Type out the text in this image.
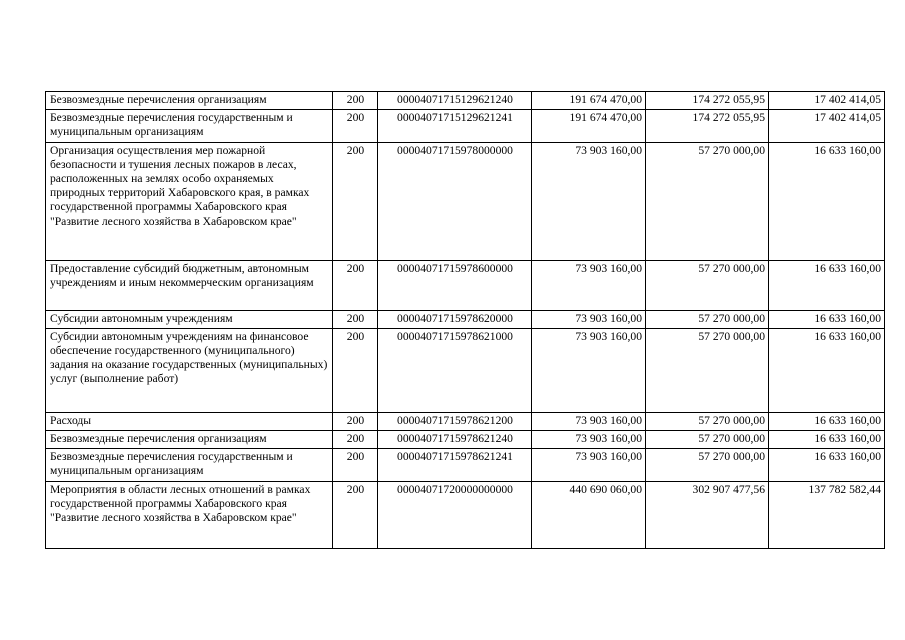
Безвозмездные перечисления организациям	200	00004071715129621240	191 674 470,00	174 272 055,95	17 402 414,05
Безвозмездные перечисления государственным и муниципальным организациям	200	00004071715129621241	191 674 470,00	174 272 055,95	17 402 414,05
Организация осуществления мер пожарной безопасности и тушения лесных пожаров в лесах, расположенных на землях особо охраняемых природных территорий Хабаровского края, в рамках государственной программы Хабаровского края "Развитие лесного хозяйства в Хабаровском крае"	200	00004071715978000000	73 903 160,00	57 270 000,00	16 633 160,00
Предоставление субсидий бюджетным, автономным учреждениям и иным некоммерческим организациям	200	00004071715978600000	73 903 160,00	57 270 000,00	16 633 160,00
Субсидии автономным учреждениям	200	00004071715978620000	73 903 160,00	57 270 000,00	16 633 160,00
Субсидии автономным учреждениям на финансовое обеспечение государственного (муниципального) задания на оказание государственных (муниципальных) услуг (выполнение работ)	200	00004071715978621000	73 903 160,00	57 270 000,00	16 633 160,00
Расходы	200	00004071715978621200	73 903 160,00	57 270 000,00	16 633 160,00
Безвозмездные перечисления организациям	200	00004071715978621240	73 903 160,00	57 270 000,00	16 633 160,00
Безвозмездные перечисления государственным и муниципальным организациям	200	00004071715978621241	73 903 160,00	57 270 000,00	16 633 160,00
Мероприятия в области лесных отношений в рамках государственной программы Хабаровского края "Развитие лесного хозяйства в Хабаровском крае"	200	00004071720000000000	440 690 060,00	302 907 477,56	137 782 582,44
